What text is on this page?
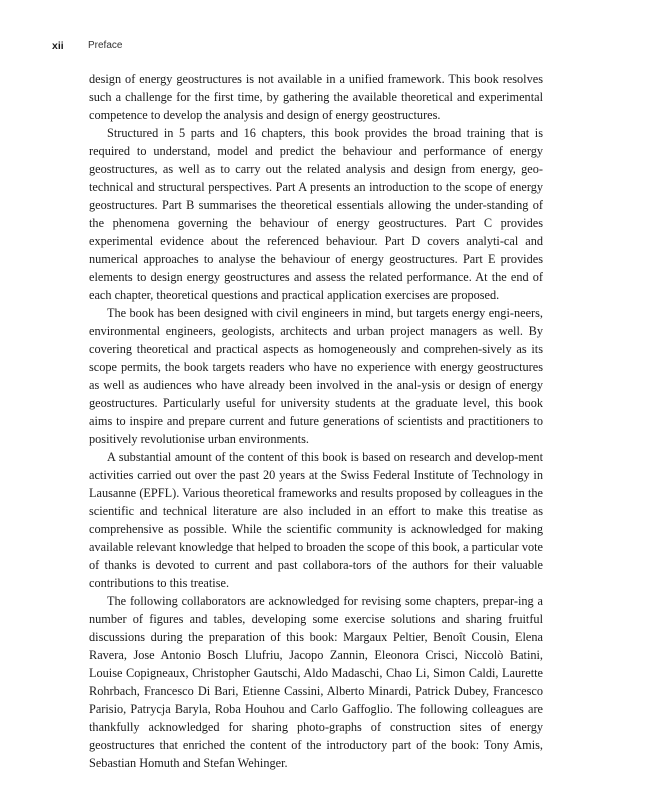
xii Preface

design of energy geostructures is not available in a unified framework. This book resolves such a challenge for the first time, by gathering the available theoretical and experimental competence to develop the analysis and design of energy geostructures.

Structured in 5 parts and 16 chapters, this book provides the broad training that is required to understand, model and predict the behaviour and performance of energy geostructures, as well as to carry out the related analysis and design from energy, geo-technical and structural perspectives. Part A presents an introduction to the scope of energy geostructures. Part B summarises the theoretical essentials allowing the under-standing of the phenomena governing the behaviour of energy geostructures. Part C provides experimental evidence about the referenced behaviour. Part D covers analyti-cal and numerical approaches to analyse the behaviour of energy geostructures. Part E provides elements to design energy geostructures and assess the related performance. At the end of each chapter, theoretical questions and practical application exercises are proposed.

The book has been designed with civil engineers in mind, but targets energy engi-neers, environmental engineers, geologists, architects and urban project managers as well. By covering theoretical and practical aspects as homogeneously and comprehen-sively as its scope permits, the book targets readers who have no experience with energy geostructures as well as audiences who have already been involved in the anal-ysis or design of energy geostructures. Particularly useful for university students at the graduate level, this book aims to inspire and prepare current and future generations of scientists and practitioners to positively revolutionise urban environments.

A substantial amount of the content of this book is based on research and develop-ment activities carried out over the past 20 years at the Swiss Federal Institute of Technology in Lausanne (EPFL). Various theoretical frameworks and results proposed by colleagues in the scientific and technical literature are also included in an effort to make this treatise as comprehensive as possible. While the scientific community is acknowledged for making available relevant knowledge that helped to broaden the scope of this book, a particular vote of thanks is devoted to current and past collabora-tors of the authors for their valuable contributions to this treatise.

The following collaborators are acknowledged for revising some chapters, prepar-ing a number of figures and tables, developing some exercise solutions and sharing fruitful discussions during the preparation of this book: Margaux Peltier, Benoît Cousin, Elena Ravera, Jose Antonio Bosch Llufriu, Jacopo Zannin, Eleonora Crisci, Niccolò Batini, Louise Copigneaux, Christopher Gautschi, Aldo Madaschi, Chao Li, Simon Caldi, Laurette Rohrbach, Francesco Di Bari, Etienne Cassini, Alberto Minardi, Patrick Dubey, Francesco Parisio, Patrycja Baryla, Roba Houhou and Carlo Gaffoglio. The following colleagues are thankfully acknowledged for sharing photo-graphs of construction sites of energy geostructures that enriched the content of the introductory part of the book: Tony Amis, Sebastian Homuth and Stefan Wehinger.
